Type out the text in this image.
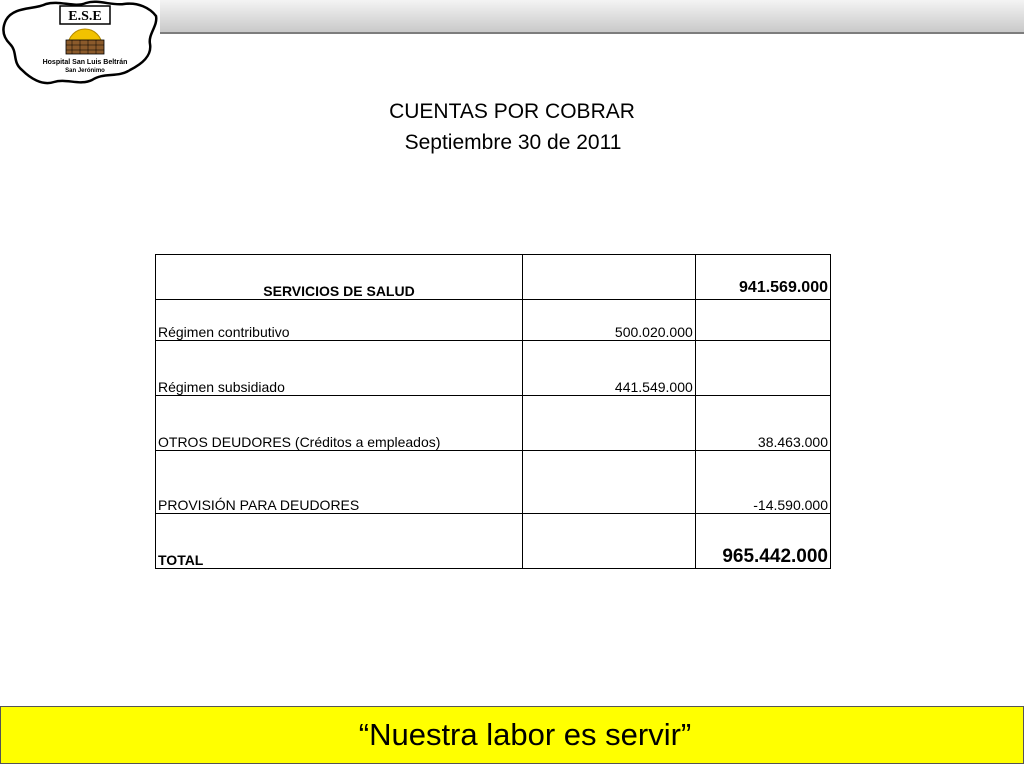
E.S.E
Hospital San Luis Beltrán
San Jerónimo
CUENTAS POR COBRAR
Septiembre 30 de 2011
SERVICIOS DE SALUD		941.569.000
Régimen contributivo	500.020.000	
Régimen subsidiado	441.549.000	
OTROS DEUDORES (Créditos a empleados)		38.463.000
PROVISIÓN PARA DEUDORES		-14.590.000
TOTAL		965.442.000
“Nuestra labor es servir”
